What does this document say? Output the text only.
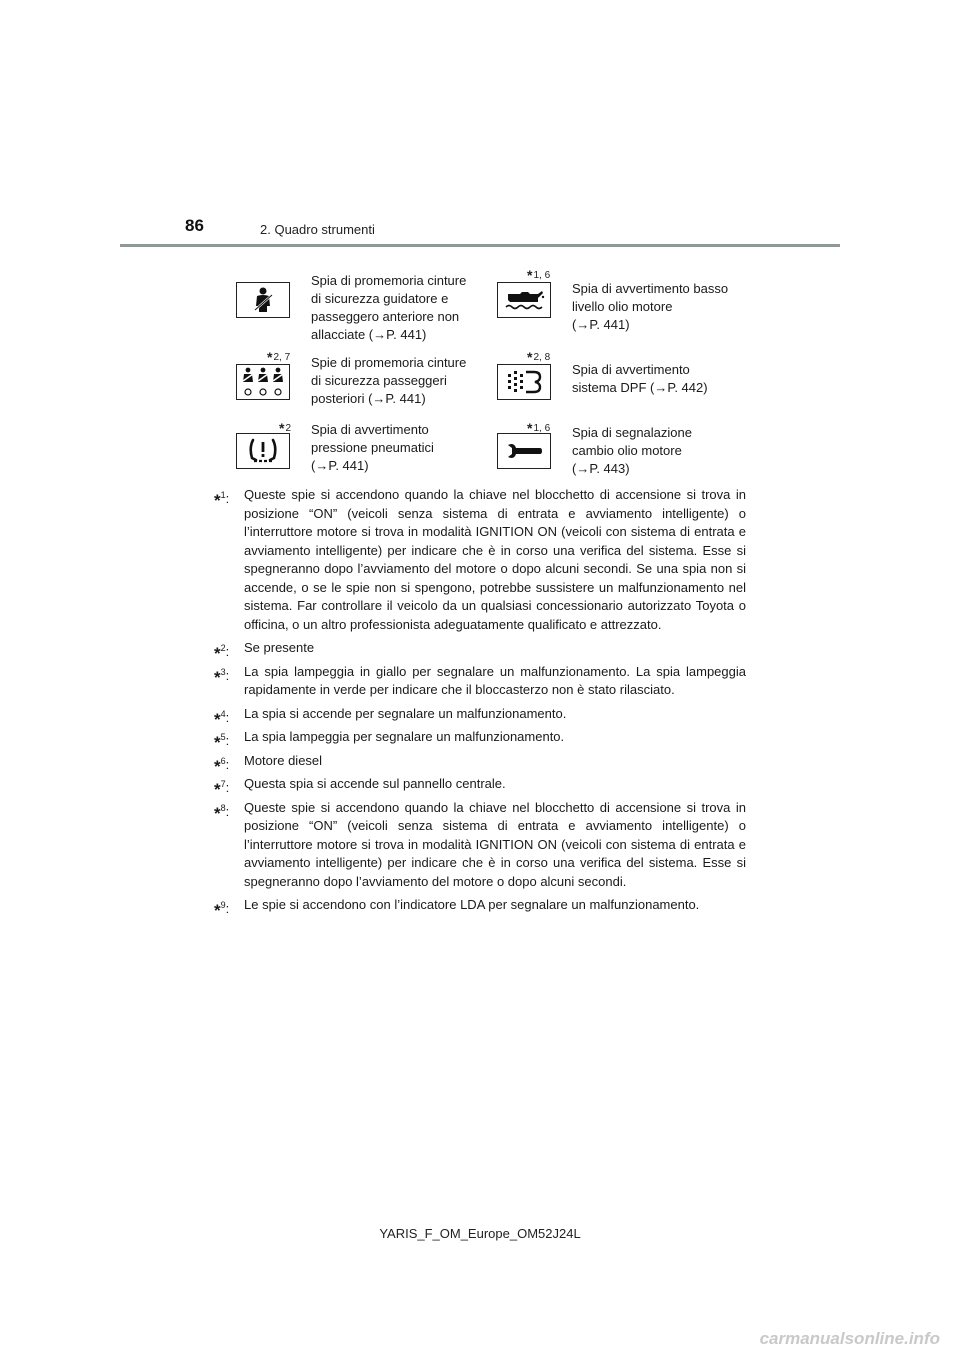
86	2. Quadro strumenti
Spia di promemoria cinture
di sicurezza guidatore e
passeggero anteriore non
allacciate (→P. 441)
*1, 6
Spia di avvertimento basso
livello olio motore
(→P. 441)
*2, 7 Spie di promemoria cinture
di sicurezza passeggeri
posteriori (→P. 441)
*2, 8
Spia di avvertimento
sistema DPF (→P. 442)
*2 Spia di avvertimento
pressione pneumatici
(→P. 441)
*1, 6 Spia di segnalazione
cambio olio motore
(→P. 443)
*$^1$: Queste spie si accendono quando la chiave nel blocchetto di accensione si trova in posizione “ON” (veicoli senza sistema di entrata e avviamento intelligente) o l’interruttore motore si trova in modalità IGNITION ON (veicoli con sistema di entrata e avviamento intelligente) per indicare che è in corso una verifica del sistema. Esse si spegneranno dopo l’avviamento del motore o dopo alcuni secondi. Se una spia non si accende, o se le spie non si spengono, potrebbe sussistere un malfunzionamento nel sistema. Far controllare il veicolo da un qualsiasi concessionario autorizzato Toyota o officina, o un altro professionista adeguatamente qualificato e attrezzato.
*$^2$: Se presente
*$^3$: La spia lampeggia in giallo per segnalare un malfunzionamento. La spia lampeggia rapidamente in verde per indicare che il bloccasterzo non è stato rilasciato.
*$^4$: La spia si accende per segnalare un malfunzionamento.
*$^5$: La spia lampeggia per segnalare un malfunzionamento.
*$^6$: Motore diesel
*$^7$: Questa spia si accende sul pannello centrale.
*$^8$: Queste spie si accendono quando la chiave nel blocchetto di accensione si trova in posizione “ON” (veicoli senza sistema di entrata e avviamento intelligente) o l’interruttore motore si trova in modalità IGNITION ON (veicoli con sistema di entrata e avviamento intelligente) per indicare che è in corso una verifica del sistema. Esse si spegneranno dopo l’avviamento del motore o dopo alcuni secondi.
*$^9$: Le spie si accendono con l’indicatore LDA per segnalare un malfunzionamento.
YARIS_F_OM_Europe_OM52J24L
carmanualsonline.info
